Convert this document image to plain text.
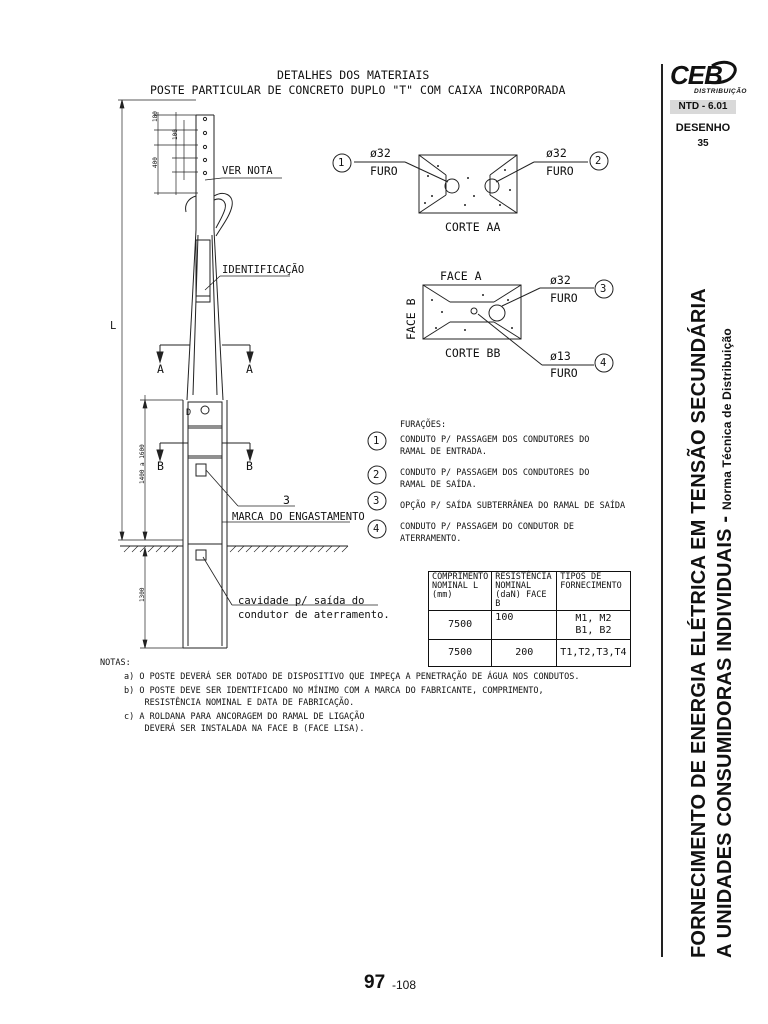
DETALHES DOS MATERIAIS
POSTE PARTICULAR DE CONCRETO DUPLO "T" COM CAIXA INCORPORADA
VER NOTA
IDENTIFICAÇÃO
L
A	A
B	B
D
3
MARCA DO ENGASTAMENTO
cavidade p/ saída do
condutor de aterramento.
180
400
100
1400 a 1600
1300
1
ø32
FURO
ø32
FURO
2
CORTE AA
FACE A
FACE B
ø32
FURO
3
CORTE BB	ø13
FURO
4
FURAÇÕES:
1 CONDUTO P/ PASSAGEM DOS CONDUTORES DO
RAMAL DE ENTRADA.
2 CONDUTO P/ PASSAGEM DOS CONDUTORES DO
RAMAL DE SAÍDA.
3 OPÇÃO P/ SAÍDA SUBTERRÂNEA DO RAMAL DE SAÍDA
4 CONDUTO P/ PASSAGEM DO CONDUTOR DE
ATERRAMENTO.
COMPRIMENTO NOMINAL L (mm)	RESISTÊNCIA NOMINAL (daN) FACE B	TIPOS DE FORNECIMENTO
7500	100	M1, M2
B1, B2
7500	200	T1,T2,T3,T4
NOTAS:
a) O POSTE DEVERÁ SER DOTADO DE DISPOSITIVO QUE IMPEÇA A PENETRAÇÃO DE ÁGUA NOS CONDUTOS.
b) O POSTE DEVE SER IDENTIFICADO NO MÍNIMO COM A MARCA DO FABRICANTE, COMPRIMENTO,
RESISTÊNCIA NOMINAL E DATA DE FABRICAÇÃO.
c) A ROLDANA PARA ANCORAGEM DO RAMAL DE LIGAÇÃO
DEVERÁ SER INSTALADA NA FACE B (FACE LISA).
CEB
DISTRIBUIÇÃO
NTD - 6.01
DESENHO
35
FORNECIMENTO DE ENERGIA ELÉTRICA EM TENSÃO SECUNDÁRIA A UNIDADES CONSUMIDORAS INDIVIDUAIS - Norma Técnica de Distribuição
97 -108
